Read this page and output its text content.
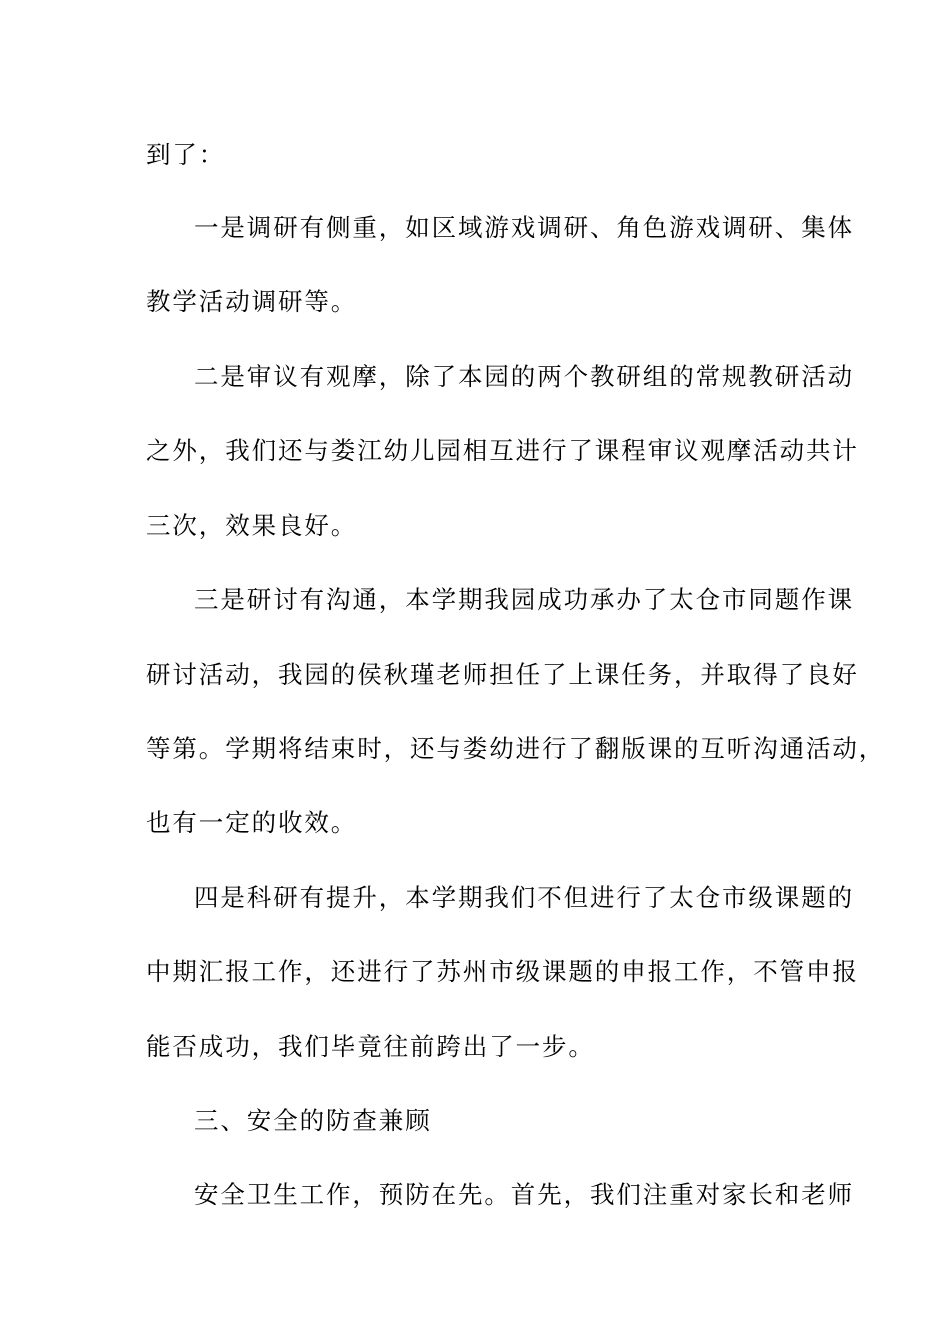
到了：
一是调研有侧重，如区域游戏调研、角色游戏调研、集体
教学活动调研等。
二是审议有观摩，除了本园的两个教研组的常规教研活动
之外，我们还与娄江幼儿园相互进行了课程审议观摩活动共计
三次，效果良好。
三是研讨有沟通，本学期我园成功承办了太仓市同题作课
研讨活动，我园的侯秋瑾老师担任了上课任务，并取得了良好
等第。学期将结束时，还与娄幼进行了翻版课的互听沟通活动，
也有一定的收效。
四是科研有提升，本学期我们不但进行了太仓市级课题的
中期汇报工作，还进行了苏州市级课题的申报工作，不管申报
能否成功，我们毕竟往前跨出了一步。
三、安全的防查兼顾
安全卫生工作，预防在先。首先，我们注重对家长和老师
